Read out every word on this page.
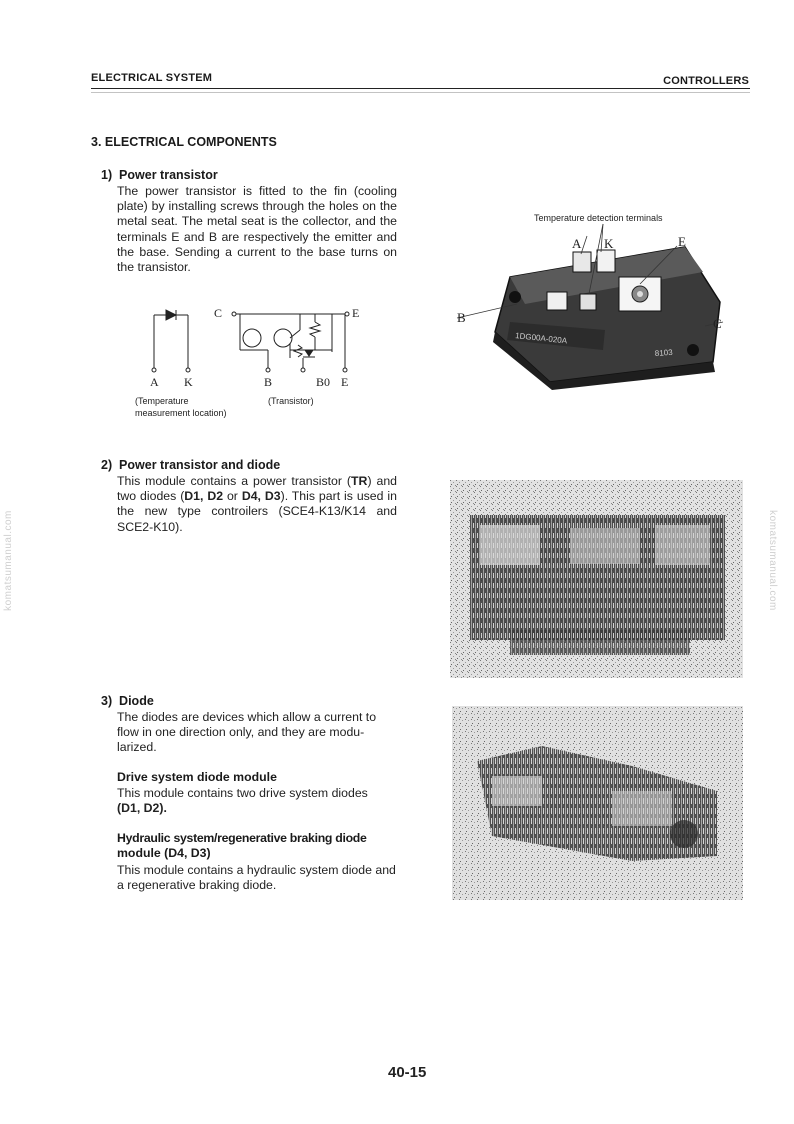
ELECTRICAL SYSTEM	CONTROLLERS
3. ELECTRICAL COMPONENTS
1)  Power transistor
The power transistor is fitted to the fin (cooling plate) by installing screws through the holes on the metal seat. The metal seat is the collector, and the terminals E and B are respectively the emitter and the base. Sending a current to the base turns on the transistor.
Temperature detection terminals
A K	E
B	C
1DG00A-020A
8103
C	E
A K	B	B0 E
(Temperature
measurement location)
(Transistor)
2)  Power transistor and diode
This module contains a power transistor (TR) and two diodes (D1, D2 or D4, D3). This part is used in the new type controilers (SCE4-K13/K14 and SCE2-K10).
3)  Diode
The diodes are devices which allow a current to flow in one direction only, and they are modu-larized.
Drive system diode module
This module contains two drive system diodes
(D1, D2).
Hydraulic system/regenerative braking diode
module (D4, D3)
This module contains a hydraulic system diode and a regenerative braking diode.
komatsumanual.com	komatsumanual.com
40-15
